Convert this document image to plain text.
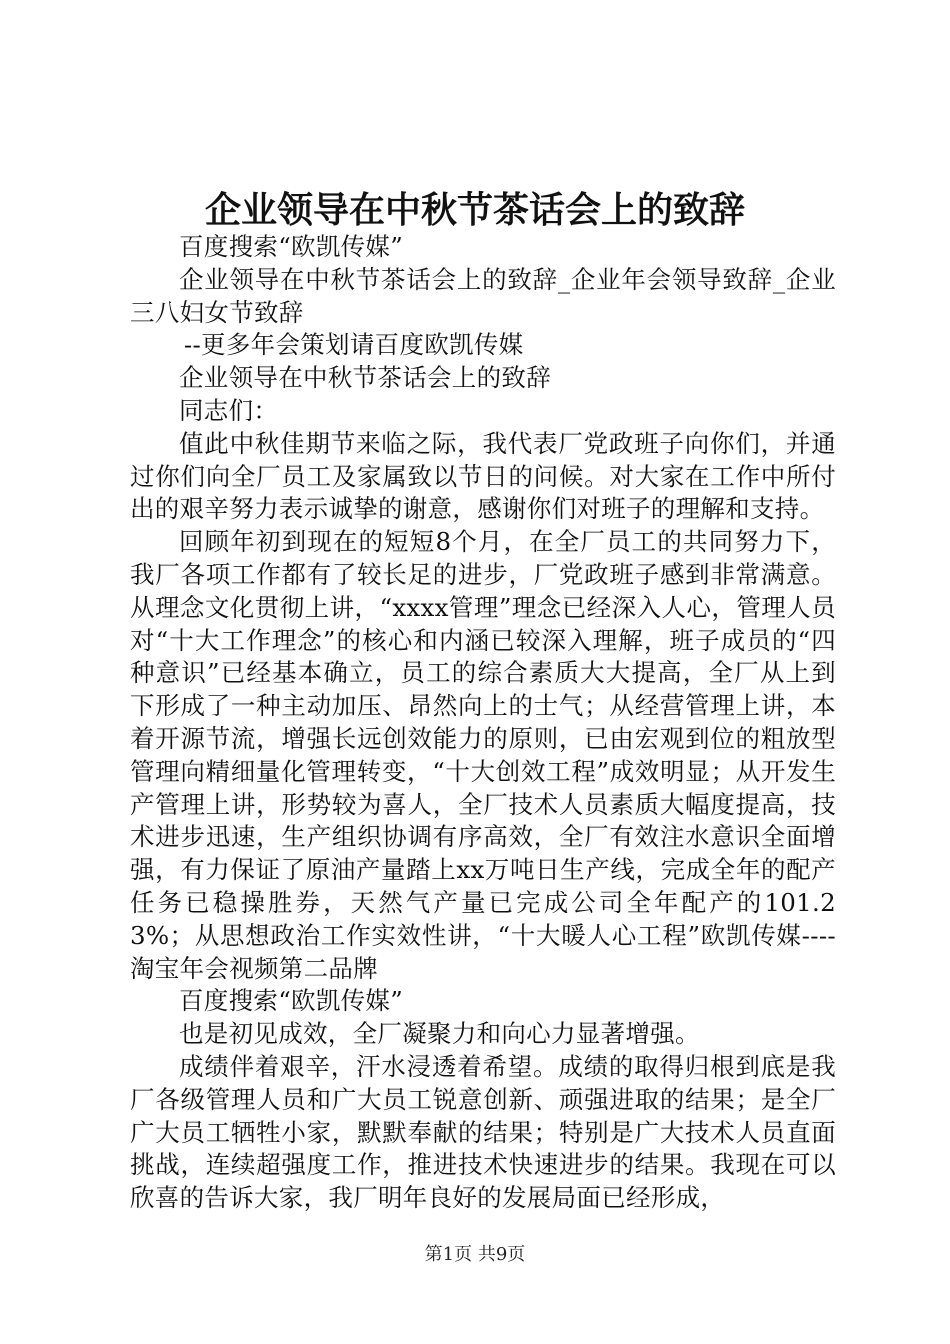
企业领导在中秋节茶话会上的致辞

百度搜索“欧凯传媒”

企业领导在中秋节茶话会上的致辞_企业年会领导致辞_企业三八妇女节致辞

--更多年会策划请百度欧凯传媒

企业领导在中秋节茶话会上的致辞

同志们：

值此中秋佳期节来临之际，我代表厂党政班子向你们，并通过你们向全厂员工及家属致以节日的问候。对大家在工作中所付出的艰辛努力表示诚挚的谢意，感谢你们对班子的理解和支持。

回顾年初到现在的短短8个月，在全厂员工的共同努力下，我厂各项工作都有了较长足的进步，厂党政班子感到非常满意。从理念文化贯彻上讲，“xxxx管理”理念已经深入人心，管理人员对“十大工作理念”的核心和内涵已较深入理解，班子成员的“四种意识”已经基本确立，员工的综合素质大大提高，全厂从上到下形成了一种主动加压、昂然向上的士气；从经营管理上讲，本着开源节流，增强长远创效能力的原则，已由宏观到位的粗放型管理向精细量化管理转变，“十大创效工程”成效明显；从开发生产管理上讲，形势较为喜人，全厂技术人员素质大幅度提高，技术进步迅速，生产组织协调有序高效，全厂有效注水意识全面增强，有力保证了原油产量踏上xx万吨日生产线，完成全年的配产任务已稳操胜券，天然气产量已完成公司全年配产的101.23%；从思想政治工作实效性讲，“十大暖人心工程”欧凯传媒----淘宝年会视频第二品牌

百度搜索“欧凯传媒”

也是初见成效，全厂凝聚力和向心力显著增强。

成绩伴着艰辛，汗水浸透着希望。成绩的取得归根到底是我厂各级管理人员和广大员工锐意创新、顽强进取的结果；是全厂广大员工牺牲小家，默默奉献的结果；特别是广大技术人员直面挑战，连续超强度工作，推进技术快速进步的结果。我现在可以欣喜的告诉大家，我厂明年良好的发展局面已经形成，

第1页 共9页
